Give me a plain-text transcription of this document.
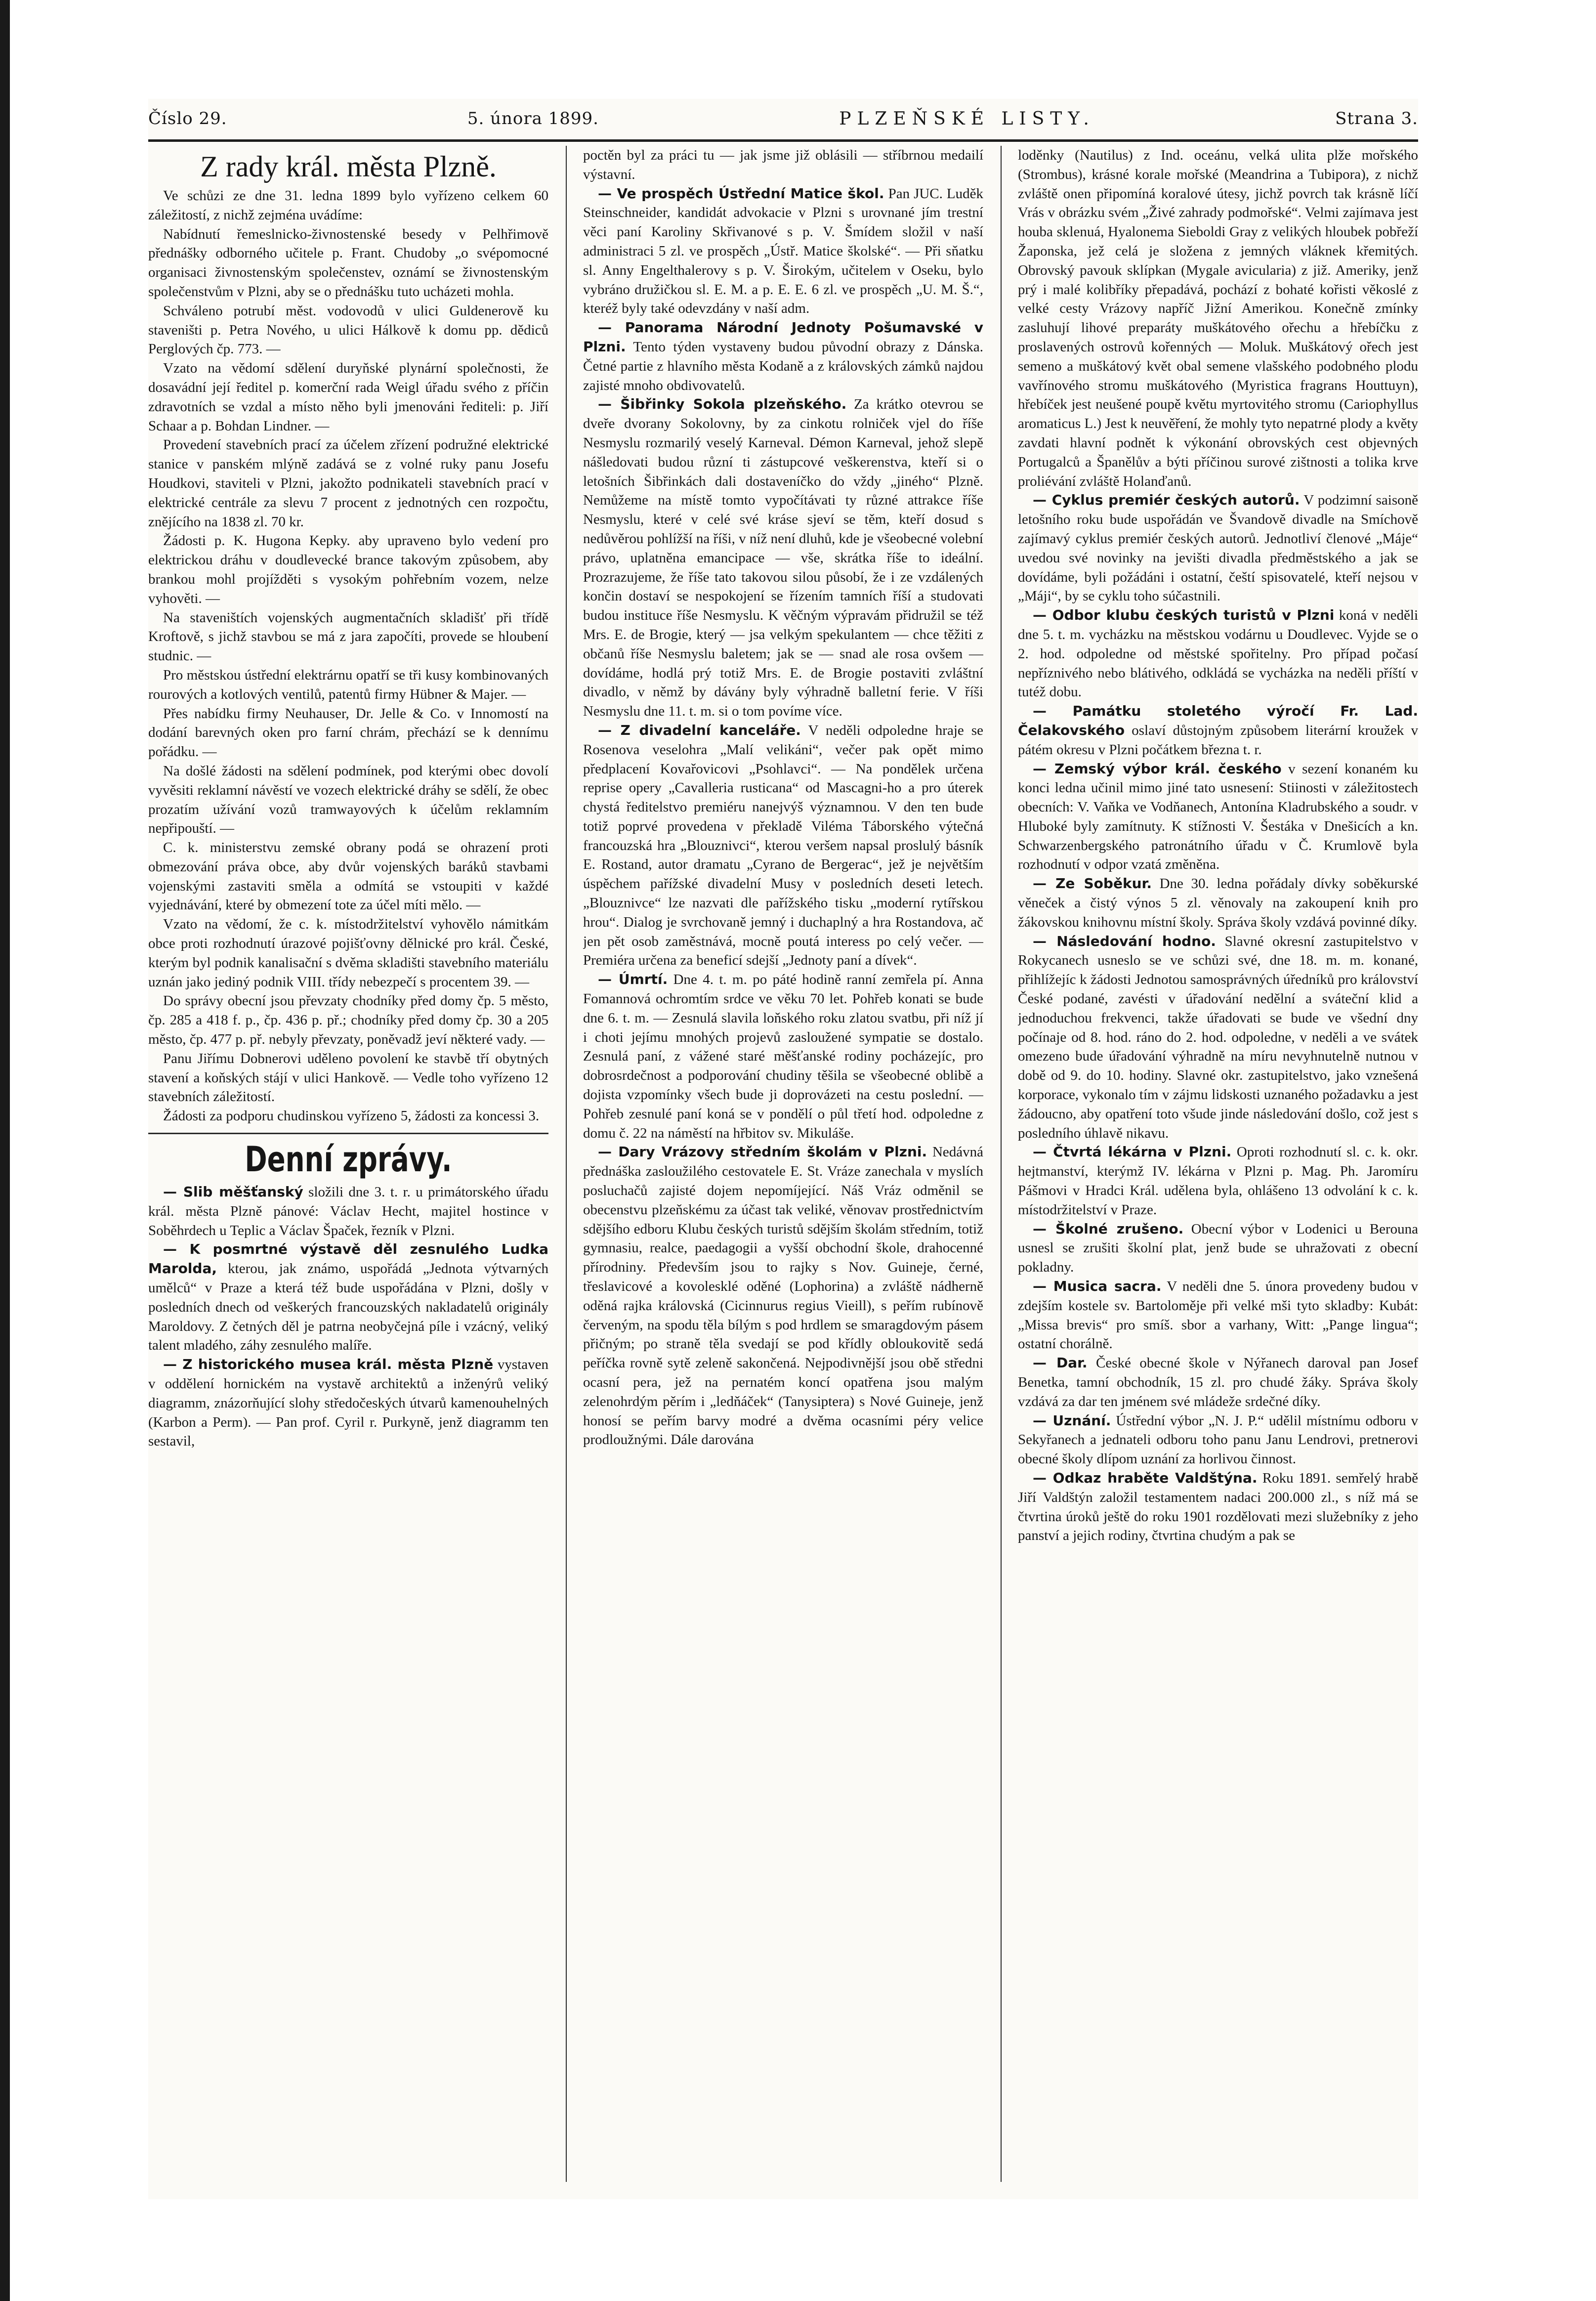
Číslo 29.	5. února 1899.	PLZEŇSKÉ LISTY.	Strana 3.
Z rady král. města Plzně.

Ve schůzi ze dne 31. ledna 1899 bylo vyřízeno celkem 60 záležitostí, z nichž zejména uvádíme:

Nabídnutí řemeslnicko-živnostenské besedy v Pelhřimově přednášky odborného učitele p. Frant. Chudoby „o svépomocné organisaci živnostenským společenstev, oznámí se živnostenským společenstvům v Plzni, aby se o přednášku tuto ucházeti mohla.

Schváleno potrubí měst. vodovodů v ulici Guldenerově ku staveništi p. Petra Nového, u ulici Hálkově k domu pp. dědiců Perglových čp. 773. —

Vzato na vědomí sdělení duryňské plynární společnosti, že dosavádní její ředitel p. komerční rada Weigl úřadu svého z příčin zdravotních se vzdal a místo něho byli jmenováni řediteli: p. Jiří Schaar a p. Bohdan Lindner. —

Provedení stavebních prací za účelem zřízení podružné elektrické stanice v panském mlýně zadává se z volné ruky panu Josefu Houdkovi, staviteli v Plzni, jakožto podnikateli stavebních prací v elektrické centrále za slevu 7 procent z jednotných cen rozpočtu, znějícího na 1838 zl. 70 kr.

Žádosti p. K. Hugona Kepky. aby upraveno bylo vedení pro elektrickou dráhu v doudlevecké brance takovým způsobem, aby brankou mohl projížděti s vysokým pohřebním vozem, nelze vyhověti. —

Na staveništích vojenských augmentačních skladišť při třídě Kroftově, s jichž stavbou se má z jara započíti, provede se hloubení studnic. —

Pro městskou ústřední elektrárnu opatří se tři kusy kombinovaných rourových a kotlových ventilů, patentů firmy Hübner & Majer. —

Přes nabídku firmy Neuhauser, Dr. Jelle & Co. v Innomostí na dodání barevných oken pro farní chrám, přechází se k dennímu pořádku. —

Na došlé žádosti na sdělení podmínek, pod kterými obec dovolí vyvěsiti reklamní návěstí ve vozech elektrické dráhy se sdělí, že obec prozatím užívání vozů tramwayových k účelům reklamním nepřipouští. —

C. k. ministerstvu zemské obrany podá se ohrazení proti obmezování práva obce, aby dvůr vojenských baráků stavbami vojenskými zastaviti směla a odmítá se vstoupiti v každé vyjednávání, které by obmezení tote za účel míti mělo. —

Vzato na vědomí, že c. k. místodržitelství vyhovělo námitkám obce proti rozhodnutí úrazové pojišťovny dělnické pro král. České, kterým byl podnik kanalisační s dvěma skladišti stavebního materiálu uznán jako jediný podnik VIII. třídy nebezpečí s procentem 39. —

Do správy obecní jsou převzaty chodníky před domy čp. 5 město, čp. 285 a 418 f. p., čp. 436 p. př.; chodníky před domy čp. 30 a 205 město, čp. 477 p. př. nebyly převzaty, poněvadž jeví některé vady. —

Panu Jiřímu Dobnerovi uděleno povolení ke stavbě tří obytných stavení a koňských stájí v ulici Hankově. — Vedle toho vyřízeno 12 stavebních záležitostí.

Žádosti za podporu chudinskou vyřízeno 5, žádosti za koncessi 3.

Denní zprávy.

— Slib měšťanský složili dne 3. t. r. u primátorského úřadu král. města Plzně pánové: Václav Hecht, majitel hostince v Soběhrdech u Teplic a Václav Špaček, řezník v Plzni.

— K posmrtné výstavě děl zesnulého Ludka Marolda, kterou, jak známo, uspořádá „Jednota výtvarných umělců“ v Praze a která též bude uspořádána v Plzni, došly v posledních dnech od veškerých francouzských nakladatelů originály Maroldovy. Z četných děl je patrna neobyčejná píle i vzácný, veliký talent mladého, záhy zesnulého malíře.

— Z historického musea král. města Plzně vystaven v oddělení hornickém na vystavě architektů a inženýrů veliký diagramm, znázorňující slohy středočeských útvarů kamenouhelných (Karbon a Perm). — Pan prof. Cyril r. Purkyně, jenž diagramm ten sestavil,

poctěn byl za práci tu — jak jsme již oblásili — stříbrnou medailí výstavní.

— Ve prospěch Ústřední Matice škol. Pan JUC. Luděk Steinschneider, kandidát advokacie v Plzni s urovnané jím trestní věci paní Karoliny Skřivanové s p. V. Šmídem složil v naší administraci 5 zl. ve prospěch „Ústř. Matice školské“. — Při sňatku sl. Anny Engelthalerovy s p. V. Širokým, učitelem v Oseku, bylo vybráno družičkou sl. E. M. a p. E. E. 6 zl. ve prospěch „U. M. Š.“, kteréž byly také odevzdány v naší adm.

— Panorama Národní Jednoty Pošumavské v Plzni. Tento týden vystaveny budou původní obrazy z Dánska. Četné partie z hlavního města Kodaně a z královských zámků najdou zajisté mnoho obdivovatelů.

— Šibřinky Sokola plzeňského. Za krátko otevrou se dveře dvorany Sokolovny, by za cinkotu rolniček vjel do říše Nesmyslu rozmarilý veselý Karneval. Démon Karneval, jehož slepě nášledovati budou různí ti zástupcové veškerenstva, kteří si o letošních Šibřinkách dali dostaveníčko do vždy „jiného“ Plzně. Nemůžeme na místě tomto vypočítávati ty různé attrakce říše Nesmyslu, které v celé své kráse sjeví se těm, kteří dosud s nedůvěrou pohlížší na říši, v níž není dluhů, kde je všeobecné volební právo, uplatněna emancipace — vše, skrátka říše to ideální. Prozrazujeme, že říše tato takovou silou působí, že i ze vzdálených končin dostaví se nespokojení se řízením tamních říší a studovati budou instituce říše Nesmyslu. K věčným výpravám přidružil se též Mrs. E. de Brogie, který — jsa velkým spekulantem — chce těžiti z občanů říše Nesmyslu baletem; jak se — snad ale rosa ovšem — dovídáme, hodlá prý totiž Mrs. E. de Brogie postaviti zvláštní divadlo, v němž by dávány byly výhradně balletní ferie. V říši Nesmyslu dne 11. t. m. si o tom povíme více.

— Z divadelní kanceláře. V neděli odpoledne hraje se Rosenova veselohra „Malí velikáni“, večer pak opět mimo předplacení Kovařovicovi „Psohlavci“. — Na pondělek určena reprise opery „Cavalleria rusticana“ od Mascagni-ho a pro úterek chystá ředitelstvo premiéru nanejvýš významnou. V den ten bude totiž poprvé provedena v překladě Viléma Táborského výtečná francouzská hra „Blouznivci“, kterou veršem napsal proslulý básník E. Rostand, autor dramatu „Cyrano de Bergerac“, jež je největším úspěchem pařížské divadelní Musy v posledních deseti letech. „Blouznivce“ lze nazvati dle pařížského tisku „moderní rytířskou hrou“. Dialog je svrchovaně jemný i duchaplný a hra Rostandova, ač jen pět osob zaměstnává, mocně poutá interess po celý večer. — Premiéra určena za beneficí sdejší „Jednoty paní a dívek“.

— Úmrtí. Dne 4. t. m. po páté hodině ranní zemřela pí. Anna Fomannová ochromtím srdce ve věku 70 let. Pohřeb konati se bude dne 6. t. m. — Zesnulá slavila loňského roku zlatou svatbu, při níž jí i choti jejímu mnohých projevů zasloužené sympatie se dostalo. Zesnulá paní, z vážené staré měšťanské rodiny pocházejíc, pro dobrosrdečnost a podporování chudiny těšila se všeobecné oblibě a dojista vzpomínky všech bude ji doprovázeti na cestu poslední. — Pohřeb zesnulé paní koná se v pondělí o půl třetí hod. odpoledne z domu č. 22 na náměstí na hřbitov sv. Mikuláše.

— Dary Vrázovy středním školám v Plzni. Nedávná přednáška zasloužilého cestovatele E. St. Vráze zanechala v myslích posluchačů zajisté dojem nepomíjející. Náš Vráz odměnil se obecenstvu plzeňskému za účast tak veliké, věnovav prostřednictvím sdějšího edboru Klubu českých turistů sdějším školám středním, totiž gymnasiu, realce, paedagogii a vyšší obchodní škole, drahocenné přírodniny. Především jsou to rajky s Nov. Guineje, černé, třeslavicové a kovolesklé oděné (Lophorina) a zvláště nádherně oděná rajka královská (Cicinnurus regius Vieill), s peřím rubínově červeným, na spodu těla bílým s pod hrdlem se smaragdovým pásem přičným; po straně těla svedají se pod křídly obloukovitě sedá peříčka rovně sytě zeleně sakončená. Nejpodivnější jsou obě středni ocasní pera, jež na pernatém koncí opatřena jsou malým zelenohrdým pěrím i „ledňáček“ (Tanysiptera) s Nové Guineje, jenž honosí se peřím barvy modré a dvěma ocasními péry velice prodloužnými. Dále darována

loděnky (Nautilus) z Ind. oceánu, velká ulita plže mořského (Strombus), krásné korale mořské (Meandrina a Tubipora), z nichž zvláště onen připomíná koralové útesy, jichž povrch tak krásně líčí Vrás v obrázku svém „Živé zahrady podmořské“. Velmi zajímava jest houba sklenuá, Hyalonema Sieboldi Gray z velikých hloubek pobřeží Žaponska, jež celá je složena z jemných vláknek křemitých. Obrovský pavouk sklípkan (Mygale avicularia) z již. Ameriky, jenž prý i malé kolibříky přepadává, pochází z bohaté kořisti věkoslé z velké cesty Vrázovy napříč Jižní Amerikou. Konečně zmínky zasluhují lihové preparáty muškátového ořechu a hřebíčku z proslavených ostrovů kořenných — Moluk. Muškátový ořech jest semeno a muškátový květ obal semene vlašského podobného plodu vavřínového stromu muškátového (Myristica fragrans Houttuyn), hřebíček jest neušené poupě květu myrtovitého stromu (Cariophyllus aromaticus L.) Jest k neuvěření, že mohly tyto nepatrné plody a květy zavdati hlavní podnět k výkonání obrovských cest objevných Portugalců a Španělův a býti příčinou surové zištnosti a tolika krve proliévání zvláště Holanďanů.

— Cyklus premiér českých autorů. V podzimní saisoně letošního roku bude uspořádán ve Švandově divadle na Smíchově zajímavý cyklus premiér českých autorů. Jednotliví členové „Máje“ uvedou své novinky na jevišti divadla předměstského a jak se dovídáme, byli požádáni i ostatní, čeští spisovatelé, kteří nejsou v „Máji“, by se cyklu toho súčastnili.

— Odbor klubu českých turistů v Plzni koná v neděli dne 5. t. m. vycházku na městskou vodárnu u Doudlevec. Vyjde se o 2. hod. odpoledne od městské spořitelny. Pro případ počasí nepříznivého nebo blátivého, odkládá se vycházka na neděli příští v tutéž dobu.

— Památku stoletého výročí Fr. Lad. Čelakovského oslaví důstojným způsobem literární kroužek v pátém okresu v Plzni počátkem března t. r.

— Zemský výbor král. českého v sezení konaném ku konci ledna učinil mimo jiné tato usnesení: Stiinosti v záležitostech obecních: V. Vaňka ve Vodňanech, Antonína Kladrubského a soudr. v Hluboké byly zamítnuty. K stížnosti V. Šestáka v Dnešicích a kn. Schwarzenbergského patronátního úřadu v Č. Krumlově byla rozhodnutí v odpor vzatá změněna.

— Ze Soběkur. Dne 30. ledna pořádaly dívky soběkurské věneček a čistý výnos 5 zl. věnovaly na zakoupení knih pro žákovskou knihovnu místní školy. Správa školy vzdává povinné díky.

— Následování hodno. Slavné okresní zastupitelstvo v Rokycanech usneslo se ve schůzi své, dne 18. m. m. konané, přihlížejíc k žádosti Jednotou samosprávných úředníků pro království České podané, zavésti v úřadování nedělní a sváteční klid a jednoduchou frekvenci, takže úřadovati se bude ve všední dny počínaje od 8. hod. ráno do 2. hod. odpoledne, v neděli a ve svátek omezeno bude úřadování výhradně na míru nevyhnutelně nutnou v době od 9. do 10. hodiny. Slavné okr. zastupitelstvo, jako vznešená korporace, vykonalo tím v zájmu lidskosti uznaného požadavku a jest žádoucno, aby opatření toto všude jinde následování došlo, což jest s posledního úhlavě nikavu.

— Čtvrtá lékárna v Plzni. Oproti rozhodnutí sl. c. k. okr. hejtmanství, kterýmž IV. lékárna v Plzni p. Mag. Ph. Jaromíru Pášmovi v Hradci Král. udělena byla, ohlášeno 13 odvolání k c. k. místodržitelství v Praze.

— Školné zrušeno. Obecní výbor v Lodenici u Berouna usnesl se zrušiti školní plat, jenž bude se uhražovati z obecní pokladny.

— Musica sacra. V neděli dne 5. února provedeny budou v zdejším kostele sv. Bartoloměje při velké mši tyto skladby: Kubát: „Missa brevis“ pro smíš. sbor a varhany, Witt: „Pange lingua“; ostatní chorálně.

— Dar. České obecné škole v Nýřanech daroval pan Josef Benetka, tamní obchodník, 15 zl. pro chudé žáky. Správa školy vzdává za dar ten jménem své mládeže srdečné díky.

— Uznání. Ústřední výbor „N. J. P.“ udělil místnímu odboru v Sekyřanech a jednateli odboru toho panu Janu Lendrovi, pretnerovi obecné školy dlípom uznání za horlivou činnost.

— Odkaz hraběte Valdštýna. Roku 1891. semřelý hrabě Jiří Valdštýn založil testamentem nadaci 200.000 zl., s níž má se čtvrtina úroků ještě do roku 1901 rozdělovati mezi služebníky z jeho panství a jejich rodiny, čtvrtina chudým a pak se
